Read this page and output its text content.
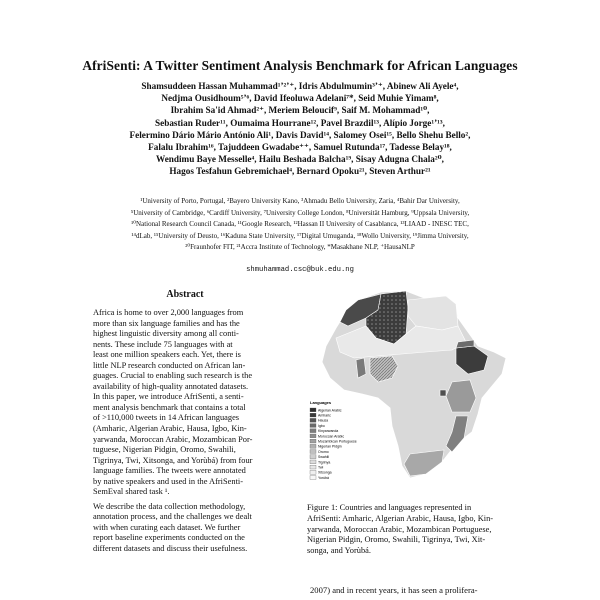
AfriSenti: A Twitter Sentiment Analysis Benchmark for African Languages
Shamsuddeen Hassan Muhammad¹ʼ²ʼ⁺, Idris Abdulmumin³ʼ⁺, Abinew Ali Ayele⁴,
Nedjma Ousidhoum⁵ʼ⁶, David Ifeoluwa Adelani⁷*, Seid Muhie Yimam⁸,
Ibrahim Sa'id Ahmad²⁺, Meriem Beloucif⁹, Saif M. Mohammad¹⁰,
Sebastian Ruder¹¹, Oumaima Hourrane¹², Pavel Brazdil¹³, Alípio Jorge¹ʼ¹³,
Felermino Dário Mário António Ali¹, Davis David¹⁴, Salomey Osei¹⁵, Bello Shehu Bello²,
Falalu Ibrahim¹⁶, Tajuddeen Gwadabe⁺⁺, Samuel Rutunda¹⁷, Tadesse Belay¹⁸,
Wendimu Baye Messelle⁴, Hailu Beshada Balcha¹⁹, Sisay Adugna Chala²⁰,
Hagos Tesfahun Gebremichael⁴, Bernard Opoku²¹, Steven Arthur²¹
¹University of Porto, Portugal, ²Bayero University Kano, ³Ahmadu Bello University, Zaria, ⁴Bahir Dar University,
⁵University of Cambridge, ⁶Cardiff University, ⁷University College London, ⁸Universität Hamburg, ⁹Uppsala University,
¹⁰National Research Council Canada, ¹¹Google Research, ¹²Hassan II University of Casablanca, ¹³LIAAD - INESC TEC,
¹⁴dLab, ¹⁵University of Deusto, ¹⁶Kaduna State University, ¹⁷Digital Umuganda, ¹⁸Wollo University, ¹⁹Jimma University,
²⁰Fraunhofer FIT, ²¹Accra Institute of Technology, *Masakhane NLP, ⁺HausaNLP
shmuhammad.csc@buk.edu.ng
Abstract
Africa is home to over 2,000 languages from
more than six language families and has the
highest linguistic diversity among all conti-
nents. These include 75 languages with at
least one million speakers each. Yet, there is
little NLP research conducted on African lan-
guages. Crucial to enabling such research is the
availability of high-quality annotated datasets.
In this paper, we introduce AfriSenti, a senti-
ment analysis benchmark that contains a total
of >110,000 tweets in 14 African languages
(Amharic, Algerian Arabic, Hausa, Igbo, Kin-
yarwanda, Moroccan Arabic, Mozambican Por-
tuguese, Nigerian Pidgin, Oromo, Swahili,
Tigrinya, Twi, Xitsonga, and Yorùbá) from four
language families. The tweets were annotated
by native speakers and used in the AfriSenti-
SemEval shared task ¹.
We describe the data collection methodology,
annotation process, and the challenges we dealt
with when curating each dataset. We further
report baseline experiments conducted on the
different datasets and discuss their usefulness.
Languages
Algerian Arabic
Amharic
Hausa
Igbo
Kinyarwanda
Moroccan Arabic
Mozambican Portuguese
Nigerian Pidgin
Oromo
Swahili
Tigrinya
Twi
Xitsonga
Yorùbá
Figure 1: Countries and languages represented in
AfriSenti: Amharic, Algerian Arabic, Hausa, Igbo, Kin-
yarwanda, Moroccan Arabic, Mozambican Portuguese,
Nigerian Pidgin, Oromo, Swahili, Tigrinya, Twi, Xit-
songa, and Yorùbá.
2007) and in recent years, it has seen a prolifera-
